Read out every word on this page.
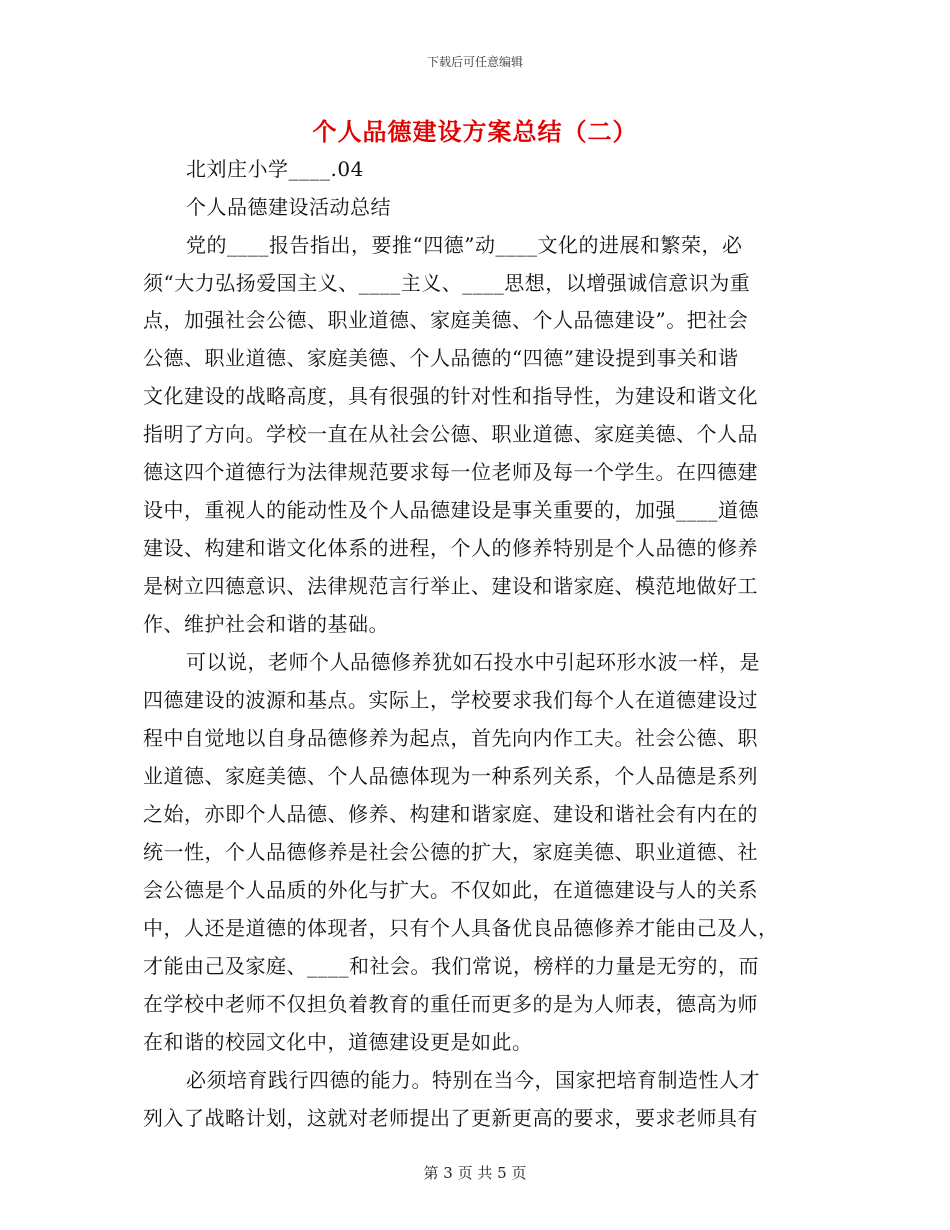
下载后可任意编辑
个人品德建设方案总结（二）
北刘庄小学____.04
个人品德建设活动总结
党的____报告指出，要推“四德”动____文化的进展和繁荣，必
须“大力弘扬爱国主义、____主义、____思想，以增强诚信意识为重
点，加强社会公德、职业道德、家庭美德、个人品德建设”。把社会
公德、职业道德、家庭美德、个人品德的“四德”建设提到事关和谐
文化建设的战略高度，具有很强的针对性和指导性，为建设和谐文化
指明了方向。学校一直在从社会公德、职业道德、家庭美德、个人品
德这四个道德行为法律规范要求每一位老师及每一个学生。在四德建
设中，重视人的能动性及个人品德建设是事关重要的，加强____道德
建设、构建和谐文化体系的进程，个人的修养特别是个人品德的修养
是树立四德意识、法律规范言行举止、建设和谐家庭、模范地做好工
作、维护社会和谐的基础。
可以说，老师个人品德修养犹如石投水中引起环形水波一样，是
四德建设的波源和基点。实际上，学校要求我们每个人在道德建设过
程中自觉地以自身品德修养为起点，首先向内作工夫。社会公德、职
业道德、家庭美德、个人品德体现为一种系列关系，个人品德是系列
之始，亦即个人品德、修养、构建和谐家庭、建设和谐社会有内在的
统一性，个人品德修养是社会公德的扩大，家庭美德、职业道德、社
会公德是个人品质的外化与扩大。不仅如此，在道德建设与人的关系
中，人还是道德的体现者，只有个人具备优良品德修养才能由己及人，
才能由己及家庭、____和社会。我们常说，榜样的力量是无穷的，而
在学校中老师不仅担负着教育的重任而更多的是为人师表，德高为师
在和谐的校园文化中，道德建设更是如此。
必须培育践行四德的能力。特别在当今，国家把培育制造性人才
列入了战略计划，这就对老师提出了更新更高的要求，要求老师具有
第 3 页 共 5 页
